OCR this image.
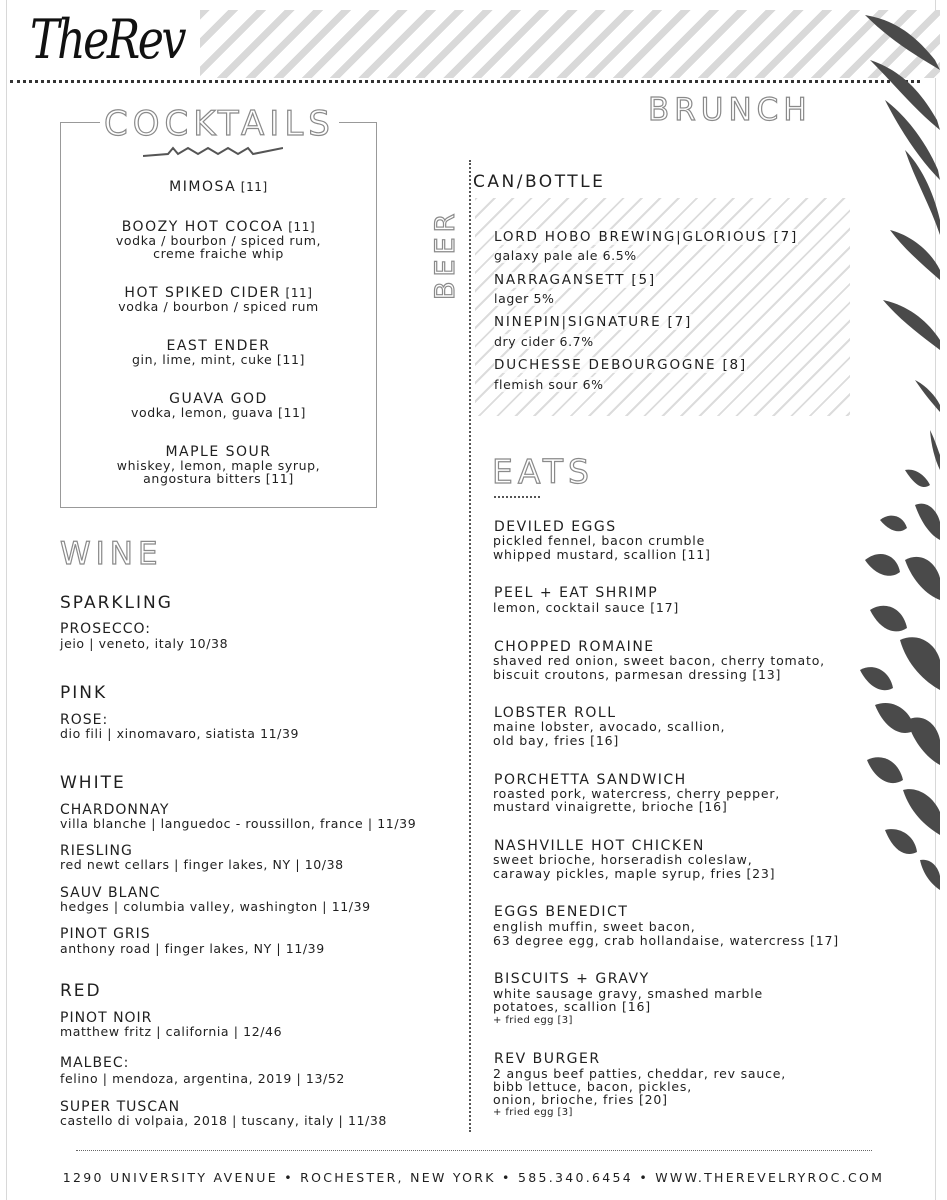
TheRev
BRUNCH
COCKTAILS
MIMOSA [11]
BOOZY HOT COCOA [11]
vodka / bourbon / spiced rum,
creme fraiche whip
HOT SPIKED CIDER [11]
vodka / bourbon / spiced rum
EAST ENDER
gin, lime, mint, cuke [11]
GUAVA GOD
vodka, lemon, guava [11]
MAPLE SOUR
whiskey, lemon, maple syrup,
angostura bitters [11]
WINE
SPARKLING
PROSECCO:
jeio | veneto, italy 10/38
PINK
ROSE:
dio fili | xinomavaro, siatista 11/39
WHITE
CHARDONNAY
villa blanche | languedoc - roussillon, france | 11/39
RIESLING
red newt cellars | finger lakes, NY | 10/38
SAUV BLANC
hedges | columbia valley, washington | 11/39
PINOT GRIS
anthony road | finger lakes, NY | 11/39
RED
PINOT NOIR
matthew fritz | california | 12/46
MALBEC:
felino | mendoza, argentina, 2019 | 13/52
SUPER TUSCAN
castello di volpaia, 2018 | tuscany, italy | 11/38
CAN/BOTTLE
BEER LORD HOBO BREWING|GLORIOUS [7]
galaxy pale ale 6.5%
NARRAGANSETT [5]
lager 5%
NINEPIN|SIGNATURE [7]
dry cider 6.7%
DUCHESSE DEBOURGOGNE [8]
flemish sour 6%
EATS
DEVILED EGGS
pickled fennel, bacon crumble
whipped mustard, scallion [11]
PEEL + EAT SHRIMP
lemon, cocktail sauce [17]
CHOPPED ROMAINE
shaved red onion, sweet bacon, cherry tomato,
biscuit croutons, parmesan dressing [13]
LOBSTER ROLL
maine lobster, avocado, scallion,
old bay, fries [16]
PORCHETTA SANDWICH
roasted pork, watercress, cherry pepper,
mustard vinaigrette, brioche [16]
NASHVILLE HOT CHICKEN
sweet brioche, horseradish coleslaw,
caraway pickles, maple syrup, fries [23]
EGGS BENEDICT
english muffin, sweet bacon,
63 degree egg, crab hollandaise, watercress [17]
BISCUITS + GRAVY
white sausage gravy, smashed marble
potatoes, scallion [16]
+ fried egg [3]
REV BURGER
2 angus beef patties, cheddar, rev sauce,
bibb lettuce, bacon, pickles,
onion, brioche, fries [20]
+ fried egg [3]
1290 UNIVERSITY AVENUE • ROCHESTER, NEW YORK • 585.340.6454 • WWW.THEREVELRYROC.COM
